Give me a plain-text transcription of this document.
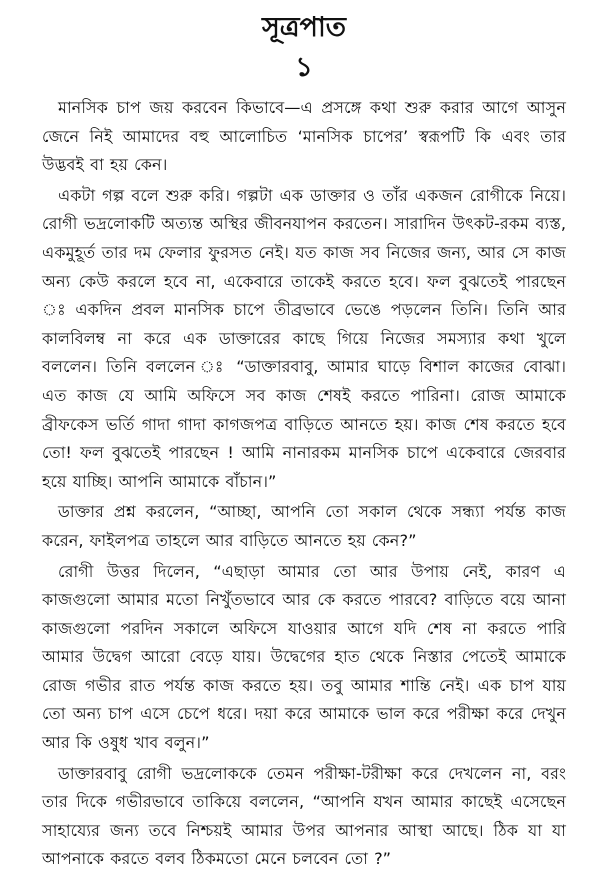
সূত্রপাত
১

মানসিক চাপ জয় করবেন কিভাবে—এ প্রসঙ্গে কথা শুরু করার আগে আসুন জেনে নিই আমাদের বহু আলোচিত ‘মানসিক চাপের’ স্বরূপটি কি এবং তার উদ্ভবই বা হয় কেন।

একটা গল্প বলে শুরু করি। গল্পটা এক ডাক্তার ও তাঁর একজন রোগীকে নিয়ে। রোগী ভদ্রলোকটি অত্যন্ত অস্থির জীবনযাপন করতেন। সারাদিন উৎকট-রকম ব্যস্ত, একমুহূর্ত তার দম ফেলার ফুরসত নেই। যত কাজ সব নিজের জন্য, আর সে কাজ অন্য কেউ করলে হবে না, একেবারে তাকেই করতে হবে। ফল বুঝতেই পারছেন ঃ একদিন প্রবল মানসিক চাপে তীব্রভাবে ভেঙে পড়লেন তিনি। তিনি আর কালবিলম্ব না করে এক ডাক্তারের কাছে গিয়ে নিজের সমস্যার কথা খুলে বললেন। তিনি বললেন ঃ “ডাক্তারবাবু, আমার ঘাড়ে বিশাল কাজের বোঝা। এত কাজ যে আমি অফিসে সব কাজ শেষই করতে পারিনা। রোজ আমাকে ব্রীফকেস ভর্তি গাদা গাদা কাগজপত্র বাড়িতে আনতে হয়। কাজ শেষ করতে হবে তো! ফল বুঝতেই পারছেন ! আমি নানারকম মানসিক চাপে একেবারে জেরবার হয়ে যাচ্ছি। আপনি আমাকে বাঁচান।”

ডাক্তার প্রশ্ন করলেন, “আচ্ছা, আপনি তো সকাল থেকে সন্ধ্যা পর্যন্ত কাজ করেন, ফাইলপত্র তাহলে আর বাড়িতে আনতে হয় কেন?”

রোগী উত্তর দিলেন, “এছাড়া আমার তো আর উপায় নেই, কারণ এ কাজগুলো আমার মতো নিখুঁতভাবে আর কে করতে পারবে? বাড়িতে বয়ে আনা কাজগুলো পরদিন সকালে অফিসে যাওয়ার আগে যদি শেষ না করতে পারি আমার উদ্বেগ আরো বেড়ে যায়। উদ্বেগের হাত থেকে নিস্তার পেতেই আমাকে রোজ গভীর রাত পর্যন্ত কাজ করতে হয়। তবু আমার শান্তি নেই। এক চাপ যায় তো অন্য চাপ এসে চেপে ধরে। দয়া করে আমাকে ভাল করে পরীক্ষা করে দেখুন আর কি ওষুধ খাব বলুন।”

ডাক্তারবাবু রোগী ভদ্রলোককে তেমন পরীক্ষা-টরীক্ষা করে দেখলেন না, বরং তার দিকে গভীরভাবে তাকিয়ে বললেন, “আপনি যখন আমার কাছেই এসেছেন সাহায্যের জন্য তবে নিশ্চয়ই আমার উপর আপনার আস্থা আছে। ঠিক যা যা আপনাকে করতে বলব ঠিকমতো মেনে চলবেন তো ?”
